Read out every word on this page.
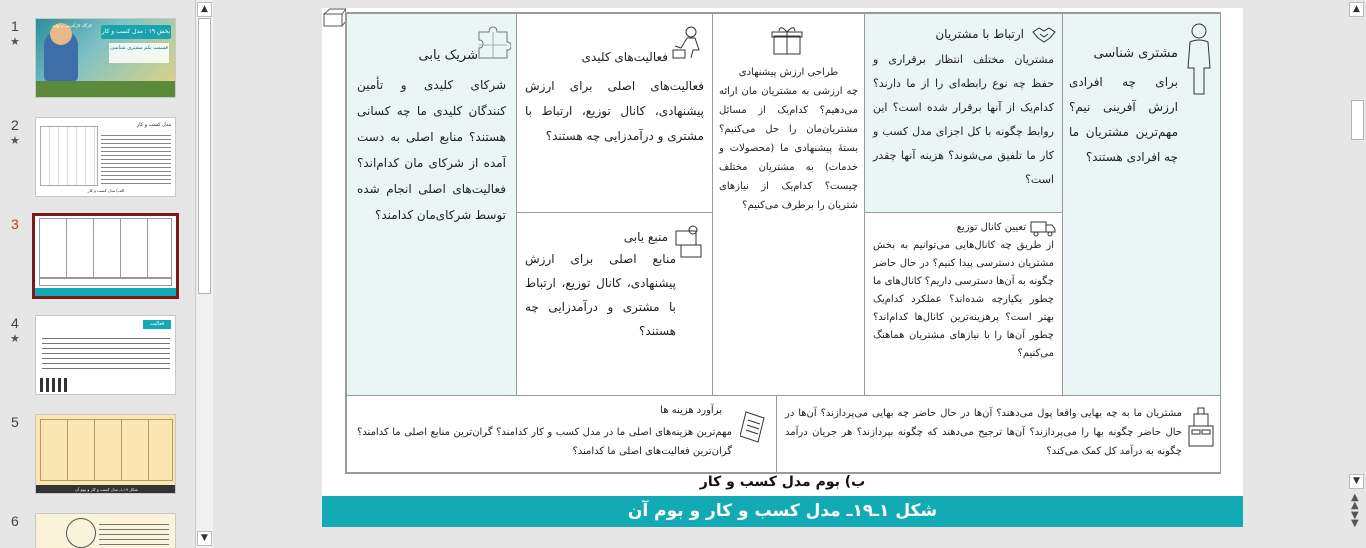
1
★
بخش ۱۹ : مدل کسب و کار
قسمت یکم مشتری شناسی
کارگاه کارآفرینی و تولید
2
★
مدل کسب و کار
الف) مدل کسب و کار
3
4
★
فعالیت
5
شکل ۱۹ـ۱ـ مدل کسب و کار و بوم آن
6
▲
▼
مشتری شناسی
برای چه افرادی ارزش آفرینی نیم؟ مهم‌ترین مشتریان ما چه افرادی هستند؟
ارتباط با مشتریان
مشتریان مختلف انتظار برقراری و حفظ چه نوع رابطه‌ای را از ما دارند؟ کدام‌یک از آنها برقرار شده است؟ این روابط چگونه با کل اجزای مدل کسب و کار ما تلفیق می‌شوند؟ هزینه آنها چقدر است؟
تعیین کانال توزیع
از طریق چه کانال‌هایی می‌توانیم به بخش مشتریان دسترسی پیدا کنیم؟ در حال حاضر چگونه به آن‌ها دسترسی داریم؟ کانال‌های ما چطور یکپارچه شده‌اند؟ عملکرد کدام‌یک بهتر است؟ پرهزینه‌ترین کانال‌ها کدام‌اند؟ چطور آن‌ها را با نیازهای مشتریان هماهنگ می‌کنیم؟
طراحی ارزش پیشنهادی
چه ارزشی به مشتریان مان ارائه می‌دهیم؟ کدام‌یک از مسائل مشتریان‌مان را حل می‌کنیم؟ بستهٔ پیشنهادی ما (محصولات و خدمات) به مشتریان مختلف چیست؟ کدام‌یک از نیازهای شتریان را برطرف می‌کنیم؟
فعالیت‌های کلیدی
فعالیت‌های اصلی برای ارزش پیشنهادی، کانال توزیع، ارتباط با مشتری و درآمدزایی چه هستند؟
منبع یابی
منابع اصلی برای ارزش پیشنهادی، کانال توزیع، ارتباط با مشتری و درآمدزایی چه هستند؟
شریک یابی
شرکای کلیدی و تأمین کنندگان کلیدی ما چه کسانی هستند؟ منابع اصلی به دست آمده از شرکای مان کدام‌اند؟ فعالیت‌های اصلی انجام شده توسط شرکای‌مان کدامند؟
مشتریان ما به چه بهایی واقعا پول می‌دهند؟ آن‌ها در حال حاضر چه بهایی می‌پردازند؟ آن‌ها در حال حاضر چگونه بها را می‌پردازند؟ آن‌ها ترجیح می‌دهند که چگونه بپردازند؟ هر جریان درآمد چگونه به درآمد کل کمک می‌کند؟
برآورد هزینه ها
مهم‌ترین هزینه‌های اصلی ما در مدل کسب و کار کدامند؟ گران‌ترین منابع اصلی ما کدامند؟ گران‌ترین فعالیت‌های اصلی ما کدامند؟
ب) بوم مدل کسب و کار
شکل ۱ـ۱۹ـ مدل کسب و کار و بوم آن
▲
▼
▲
▲
▼
▼
